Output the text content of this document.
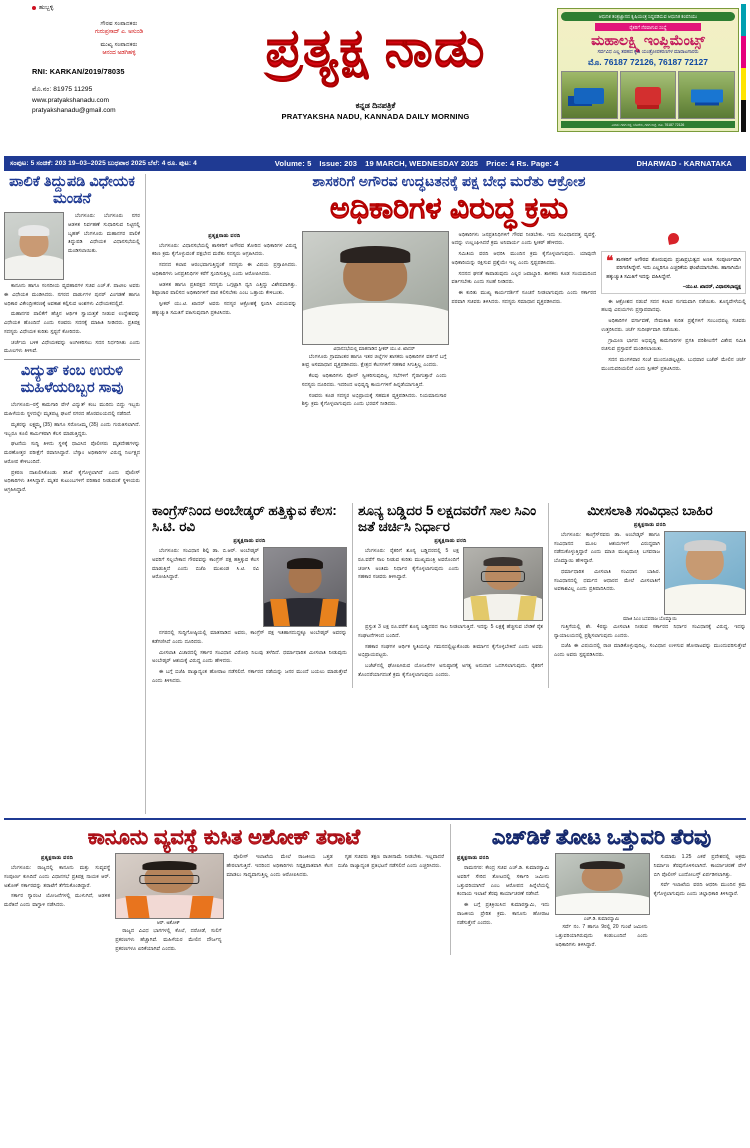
ಹುಬ್ಬಳ್ಳಿ
ಗೌರವ ಸಂಪಾದಕರು
ಗುರುಪ್ರಸಾದ್ ಎ. ಅಸುಂಡಿ
ಮುಖ್ಯ ಸಂಪಾದಕರು
ಆನಂದ ಅಡಗಿಹಳ್ಳಿ
RNI: KARKAN/2019/78035
ಮೊ.ನಂ: 81975 11295
www.pratyakshanadu.com
pratyakshanadu@gmail.com
ಪ್ರತ್ಯಕ್ಷ ನಾಡು
ಕನ್ನಡ ದಿನಪತ್ರಿಕೆ
PRATYAKSHA NADU, KANNADA DAILY MORNING
ಆಧುನಿಕ ತಂತ್ರಜ್ಞಾನದ ಕೃಷಿಯಂತ್ರ ಸಿದ್ಧಪಡಿಸುವ ಆಧುನಿಕ ಕಂಪನಿಯು
ರೈತರಿಗೆ ನೆರವಾಗುವ ಸಂಸ್ಥೆ
ಮಹಾಲಕ್ಷ್ಮಿ ಇಂಪ್ಲಿಮೆಂಟ್ಸ್
ಸರ್ವವಿಧ ಎಲ್ಲ ತರಹದ ಕೃಷಿ ಯಂತ್ರೋಪಕರಣಗಳ ಮಾರಾಟಗಾರರು
ಮೊ. 76187 72126, 76187 72127
ವಿಳಾಸ: ಗದಗ ರಸ್ತೆ, ಬೆಟಗೇರಿ, ಗದಗ ಜಿಲ್ಲೆ. ದೂ. 76187 72126
ಸಂಪುಟ: 5 ಸಂಚಿಕೆ: 203 19–03–2025 ಬುಧವಾರ 2025 ಬೆಲೆ: 4 ರೂ. ಪುಟ: 4	Volume: 5 Issue: 203 19 MARCH, WEDNESDAY 2025 Price: 4 Rs. Page: 4	DHARWAD - KARNATAKA
ಪಾಲಿಕೆ ತಿದ್ದುಪಡಿ ವಿಧೇಯಕ ಮಂಡನೆ

ಬೆಂಗಳೂರು: ಬೆಂಗಳೂರು ನಗರ ಆಡಳಿತ ನಿರ್ವಹಣೆ ಸುಧಾರಿಸುವ ನಿಟ್ಟಿನಲ್ಲಿ ಬೃಹತ್ ಬೆಂಗಳೂರು ಮಹಾನಗರ ಪಾಲಿಕೆ ತಿದ್ದುಪಡಿ ವಿಧೇಯಕ ವಿಧಾನಸಭೆಯಲ್ಲಿ ಮಂಡಿಸಲಾಯಿತು.

ಕಾನೂನು ಹಾಗೂ ಸಂಸದೀಯ ವ್ಯವಹಾರಗಳ ಸಚಿವ ಎಚ್.ಕೆ. ಪಾಟೀಲ ಅವರು ಈ ವಿಧೇಯಕ ಮಂಡಿಸಿದರು. ನಗರದ ವಾರ್ಡುಗಳ ಪುನರ್ ವಿಂಗಡಣೆ ಹಾಗೂ ಅಧಿಕಾರ ವಿಕೇಂದ್ರೀಕರಣಕ್ಕೆ ಅವಕಾಶ ಕಲ್ಪಿಸುವ ಅಂಶಗಳು ವಿಧೇಯಕದಲ್ಲಿವೆ.

ಮಹಾನಗರ ಪಾಲಿಕೆಗೆ ಹೆಚ್ಚಿನ ಆರ್ಥಿಕ ಸ್ವಾಯತ್ತತೆ ನೀಡುವ ಉದ್ದೇಶವನ್ನು ವಿಧೇಯಕ ಹೊಂದಿದೆ ಎಂದು ಸಚಿವರು ಸದನಕ್ಕೆ ಮಾಹಿತಿ ನೀಡಿದರು. ಪ್ರತಿಪಕ್ಷ ಸದಸ್ಯರು ವಿಧೇಯಕ ಕುರಿತು ಸ್ಪಷ್ಟನೆ ಕೋರಿದರು.

ಚರ್ಚೆಯ ಬಳಿಕ ವಿಧೇಯಕವನ್ನು ಅಂಗೀಕರಿಸಲು ಸದನ ನಿರ್ಧರಿಸಿತು ಎಂದು ಮೂಲಗಳು ತಿಳಿಸಿವೆ.

ವಿದ್ಯುತ್ ಕಂಬ ಉರುಳಿ ಮಹಿಳೆಯರಿಬ್ಬರ ಸಾವು

ಬೆಂಗಳೂರು–ರಸ್ತೆ ಕಾಮಗಾರಿ ವೇಳೆ ವಿದ್ಯುತ್ ಕಂಬ ಮುರಿದು ಬಿದ್ದು ಇಬ್ಬರು ಮಹಿಳೆಯರು ಸ್ಥಳದಲ್ಲೇ ಮೃತಪಟ್ಟ ಘಟನೆ ನಗರದ ಹೊರವಲಯದಲ್ಲಿ ನಡೆದಿದೆ.

ಮೃತರನ್ನು ಲಕ್ಷ್ಮಮ್ಮ (35) ಹಾಗೂ ಸರೋಜಮ್ಮ (35) ಎಂದು ಗುರುತಿಸಲಾಗಿದೆ. ಇಬ್ಬರೂ ಕೂಲಿ ಕಾರ್ಮಿಕರಾಗಿ ಕೆಲಸ ಮಾಡುತ್ತಿದ್ದರು.

ಘಟನೆಯ ಸುದ್ದಿ ತಿಳಿದು ಸ್ಥಳಕ್ಕೆ ಧಾವಿಸಿದ ಪೊಲೀಸರು ಮೃತದೇಹಗಳನ್ನು ಮರಣೋತ್ತರ ಪರೀಕ್ಷೆಗೆ ರವಾನಿಸಿದ್ದಾರೆ. ಬೆಸ್ಕಾಂ ಅಧಿಕಾರಿಗಳ ವಿರುದ್ಧ ನಿರ್ಲಕ್ಷ್ಯದ ಆರೋಪ ಕೇಳಿಬಂದಿದೆ.

ಪ್ರಕರಣ ದಾಖಲಿಸಿಕೊಂಡು ತನಿಖೆ ಕೈಗೊಳ್ಳಲಾಗಿದೆ ಎಂದು ಪೊಲೀಸ್ ಅಧಿಕಾರಿಗಳು ತಿಳಿಸಿದ್ದಾರೆ. ಮೃತರ ಕುಟುಂಬಗಳಿಗೆ ಪರಿಹಾರ ನೀಡುವಂತೆ ಸ್ಥಳೀಯರು ಆಗ್ರಹಿಸಿದ್ದಾರೆ.

ಶಾಸಕರಿಗೆ ಅಗೌರವ ಉದ್ಧಟತನಕ್ಕೆ ಪಕ್ಷ ಬೇಧ ಮರೆತು ಆಕ್ರೋಶ
ಅಧಿಕಾರಿಗಳ ವಿರುದ್ಧ ಕ್ರಮ
ಪ್ರತ್ಯಕ್ಷನಾಡು ವರದಿ

ಬೆಂಗಳೂರು: ವಿಧಾನಸಭೆಯಲ್ಲಿ ಶಾಸಕರಿಗೆ ಅಗೌರವ ತೋರಿದ ಅಧಿಕಾರಿಗಳ ವಿರುದ್ಧ ಕಠಿಣ ಕ್ರಮ ಕೈಗೊಳ್ಳುವಂತೆ ಪಕ್ಷಭೇದ ಮರೆತು ಸದಸ್ಯರು ಆಗ್ರಹಿಸಿದರು.

ಸದನದ ಕಲಾಪ ಆರಂಭವಾಗುತ್ತಿದ್ದಂತೆ ಸದಸ್ಯರು ಈ ವಿಷಯ ಪ್ರಸ್ತಾಪಿಸಿದರು. ಅಧಿಕಾರಿಗಳು ಜನಪ್ರತಿನಿಧಿಗಳ ಕರೆಗೆ ಸ್ಪಂದಿಸುತ್ತಿಲ್ಲ ಎಂದು ಆರೋಪಿಸಿದರು.

ಆಡಳಿತ ಹಾಗೂ ಪ್ರತಿಪಕ್ಷದ ಸದಸ್ಯರು ಒಗ್ಗಟ್ಟಾಗಿ ಧ್ವನಿ ಎತ್ತಿದ್ದು ವಿಶೇಷವಾಗಿತ್ತು. ಶಿಷ್ಟಾಚಾರ ಪಾಲಿಸದ ಅಧಿಕಾರಿಗಳಿಗೆ ಪಾಠ ಕಲಿಸಬೇಕು ಎಂಬ ಒತ್ತಾಯ ಕೇಳಿಬಂತು.

ಸ್ಪೀಕರ್ ಯು.ಟಿ. ಖಾದರ್ ಅವರು ಸದಸ್ಯರ ಆಕ್ರೋಶಕ್ಕೆ ಸ್ಪಂದಿಸಿ ವಿಷಯವನ್ನು ಹಕ್ಕುಚ್ಯುತಿ ಸಮಿತಿಗೆ ವಹಿಸುವುದಾಗಿ ಪ್ರಕಟಿಸಿದರು.

ವಿಧಾನಸಭೆಯಲ್ಲಿ ಮಾತನಾಡಿದ ಸ್ಪೀಕರ್ ಯು.ಟಿ. ಖಾದರ್

ಬೆಂಗಳೂರು ಗ್ರಾಮಾಂತರ ಹಾಗೂ ಇತರ ಜಿಲ್ಲೆಗಳ ಶಾಸಕರು ಅಧಿಕಾರಿಗಳ ವರ್ತನೆ ಬಗ್ಗೆ ತೀವ್ರ ಅಸಮಾಧಾನ ವ್ಯಕ್ತಪಡಿಸಿದರು. ಕ್ಷೇತ್ರದ ಕೆಲಸಗಳಿಗೆ ಸಹಕಾರ ಸಿಗುತ್ತಿಲ್ಲ ಎಂದರು.

ಕೆಲವು ಅಧಿಕಾರಿಗಳು ಫೋನ್ ಸ್ವೀಕರಿಸುವುದಿಲ್ಲ, ಸಭೆಗಳಿಗೆ ಗೈರಾಗುತ್ತಾರೆ ಎಂದು ಸದಸ್ಯರು ದೂರಿದರು. ಇದರಿಂದ ಅಭಿವೃದ್ಧಿ ಕಾರ್ಯಗಳಿಗೆ ಹಿನ್ನಡೆಯಾಗುತ್ತಿದೆ.

ಸಚಿವರು ಕೂಡ ಸದಸ್ಯರ ಅಭಿಪ್ರಾಯಕ್ಕೆ ಸಹಮತ ವ್ಯಕ್ತಪಡಿಸಿದರು. ನಿಯಮಾನುಸಾರ ಶಿಸ್ತು ಕ್ರಮ ಕೈಗೊಳ್ಳಲಾಗುವುದು ಎಂದು ಭರವಸೆ ನೀಡಿದರು.

ಅಧಿಕಾರಿಗಳು ಜನಪ್ರತಿನಿಧಿಗಳಿಗೆ ಗೌರವ ನೀಡಬೇಕು. ಇದು ಸಂವಿಧಾನದತ್ತ ವ್ಯವಸ್ಥೆ. ಅದನ್ನು ಉಲ್ಲಂಘಿಸಿದರೆ ಕ್ರಮ ಅನಿವಾರ್ಯ ಎಂದು ಸ್ಪೀಕರ್ ಹೇಳಿದರು.

ಸಮಿತಿಯ ವರದಿ ಆಧರಿಸಿ ಮುಂದಿನ ಕ್ರಮ ಕೈಗೊಳ್ಳಲಾಗುವುದು. ಯಾವುದೇ ಅಧಿಕಾರಿಯನ್ನು ರಕ್ಷಿಸುವ ಪ್ರಶ್ನೆಯೇ ಇಲ್ಲ ಎಂದು ಸ್ಪಷ್ಟಪಡಿಸಿದರು.

ಸದನದ ಘನತೆ ಕಾಪಾಡುವುದು ಎಲ್ಲರ ಜವಾಬ್ದಾರಿ. ಶಾಸಕರು ಕೂಡ ಸಂಯಮದಿಂದ ವರ್ತಿಸಬೇಕು ಎಂದು ಸಲಹೆ ನೀಡಿದರು.

ಈ ಕುರಿತು ಮುಖ್ಯ ಕಾರ್ಯದರ್ಶಿಗೆ ಸೂಚನೆ ನೀಡಲಾಗುವುದು ಎಂದು ಸರ್ಕಾರದ ಪರವಾಗಿ ಸಚಿವರು ತಿಳಿಸಿದರು. ಸದಸ್ಯರು ಸಮಾಧಾನ ವ್ಯಕ್ತಪಡಿಸಿದರು.

❝ ಶಾಸಕರಿಗೆ ಅಗೌರವ ತೋರುವುದು ಪ್ರಜಾಪ್ರಭುತ್ವದ ಅಣಕ. ಸಂಪೂರ್ಣವಾಗಿ ಪರಿಗಣಿಸಿದ್ದೇನೆ. ಇದು ಎಲ್ಲರಿಗೂ ಎಚ್ಚರಿಕೆಯ ಘಂಟೆಯಾಗಬೇಕು. ಹಾಗಾಗಿಯೇ ಹಕ್ಕುಚ್ಯುತಿ ಸಮಿತಿಗೆ ಇದನ್ನು ವಹಿಸಿದ್ದೇನೆ.
–ಯು.ಟಿ. ಖಾದರ್, ವಿಧಾನಸಭಾಧ್ಯಕ್ಷ

ಈ ಆಕ್ರೋಶದ ನಡುವೆ ಸದನ ಕಲಾಪ ಸುಗಮವಾಗಿ ನಡೆಯಿತು. ಶೂನ್ಯವೇಳೆಯಲ್ಲಿ ಹಲವು ವಿಷಯಗಳು ಪ್ರಸ್ತಾಪವಾದವು.

ಅಧಿಕಾರಿಗಳ ವರ್ಗಾವಣೆ, ನೇಮಕಾತಿ ಕುರಿತ ಪ್ರಶ್ನೆಗಳಿಗೆ ಸಂಬಂಧಪಟ್ಟ ಸಚಿವರು ಉತ್ತರಿಸಿದರು. ಚರ್ಚೆ ಸುದೀರ್ಘವಾಗಿ ನಡೆಯಿತು.

ಗ್ರಾಮೀಣ ಭಾಗದ ಅಭಿವೃದ್ಧಿ ಕಾಮಗಾರಿಗಳ ಪ್ರಗತಿ ಪರಿಶೀಲನೆಗೆ ವಿಶೇಷ ಸಮಿತಿ ರಚಿಸುವ ಪ್ರಸ್ತಾವನೆ ಮಂಡಿಸಲಾಯಿತು.

ಸದನ ಮಂಗಳವಾರ ಸಂಜೆ ಮುಂದೂಡಲ್ಪಟ್ಟಿತು. ಬುಧವಾರ ಬಜೆಟ್ ಮೇಲಿನ ಚರ್ಚೆ ಮುಂದುವರಿಯಲಿದೆ ಎಂದು ಸ್ಪೀಕರ್ ಪ್ರಕಟಿಸಿದರು.

ಕಾಂಗ್ರೆಸ್‌ನಿಂದ ಅಂಬೇಡ್ಕರ್ ಹತ್ತಿಕ್ಕುವ ಕೆಲಸ: ಸಿ.ಟಿ. ರವಿ
ಪ್ರತ್ಯಕ್ಷನಾಡು ವರದಿ

ಬೆಂಗಳೂರು: ಸಂವಿಧಾನ ಶಿಲ್ಪಿ ಡಾ. ಬಿ.ಆರ್. ಅಂಬೇಡ್ಕರ್ ಅವರಿಗೆ ಸಲ್ಲಬೇಕಾದ ಗೌರವವನ್ನು ಕಾಂಗ್ರೆಸ್ ಪಕ್ಷ ಹತ್ತಿಕ್ಕುವ ಕೆಲಸ ಮಾಡುತ್ತಿದೆ ಎಂದು ಬಿಜೆಪಿ ಮುಖಂಡ ಸಿ.ಟಿ. ರವಿ ಆರೋಪಿಸಿದ್ದಾರೆ.

ನಗರದಲ್ಲಿ ಸುದ್ದಿಗೋಷ್ಠಿಯಲ್ಲಿ ಮಾತನಾಡಿದ ಅವರು, ಕಾಂಗ್ರೆಸ್ ಪಕ್ಷ ಇತಿಹಾಸದುದ್ದಕ್ಕೂ ಅಂಬೇಡ್ಕರ್ ಅವರನ್ನು ಕಡೆಗಣಿಸಿದೆ ಎಂದು ದೂರಿದರು.

ಮೀಸಲಾತಿ ವಿಚಾರದಲ್ಲಿ ಸರ್ಕಾರ ಸಂವಿಧಾನ ವಿರೋಧಿ ನಿಲುವು ತಳೆದಿದೆ. ಧರ್ಮಾಧಾರಿತ ಮೀಸಲಾತಿ ನೀಡುವುದು ಅಂಬೇಡ್ಕರ್ ಆಶಯಕ್ಕೆ ವಿರುದ್ಧ ಎಂದು ಹೇಳಿದರು.

ಈ ಬಗ್ಗೆ ಬಿಜೆಪಿ ರಾಜ್ಯಾದ್ಯಂತ ಹೋರಾಟ ನಡೆಸಲಿದೆ. ಸರ್ಕಾರದ ನಡೆಯನ್ನು ಜನರ ಮುಂದೆ ಬಯಲು ಮಾಡುತ್ತೇವೆ ಎಂದು ತಿಳಿಸಿದರು.

ಶೂನ್ಯ ಬಡ್ಡಿದರ 5 ಲಕ್ಷದವರೆಗೆ ಸಾಲ ಸಿಎಂ ಜತೆ ಚರ್ಚಿಸಿ ನಿರ್ಧಾರ
ಪ್ರತ್ಯಕ್ಷನಾಡು ವರದಿ

ಬೆಂಗಳೂರು: ರೈತರಿಗೆ ಶೂನ್ಯ ಬಡ್ಡಿದರದಲ್ಲಿ 5 ಲಕ್ಷ ರೂ.ವರೆಗೆ ಸಾಲ ನೀಡುವ ಕುರಿತು ಮುಖ್ಯಮಂತ್ರಿ ಅವರೊಂದಿಗೆ ಚರ್ಚಿಸಿ ಅಂತಿಮ ನಿರ್ಧಾರ ಕೈಗೊಳ್ಳಲಾಗುವುದು ಎಂದು ಸಹಕಾರ ಸಚಿವರು ತಿಳಿಸಿದ್ದಾರೆ.

ಪ್ರಸ್ತುತ 3 ಲಕ್ಷ ರೂ.ವರೆಗೆ ಶೂನ್ಯ ಬಡ್ಡಿದರದ ಸಾಲ ನೀಡಲಾಗುತ್ತಿದೆ. ಇದನ್ನು 5 ಲಕ್ಷಕ್ಕೆ ಹೆಚ್ಚಿಸುವ ಬೇಡಿಕೆ ರೈತ ಸಂಘಟನೆಗಳಿಂದ ಬಂದಿದೆ.

ಸಹಕಾರ ಸಂಘಗಳ ಆರ್ಥಿಕ ಸ್ಥಿತಿಯನ್ನೂ ಗಮನದಲ್ಲಿಟ್ಟುಕೊಂಡು ತೀರ್ಮಾನ ಕೈಗೊಳ್ಳಬೇಕಿದೆ ಎಂದು ಅವರು ಅಭಿಪ್ರಾಯಪಟ್ಟರು.

ಬಜೆಟ್‌ನಲ್ಲಿ ಘೋಷಿಸಿರುವ ಯೋಜನೆಗಳ ಅನುಷ್ಠಾನಕ್ಕೆ ಅಗತ್ಯ ಅನುದಾನ ಒದಗಿಸಲಾಗುವುದು. ರೈತರಿಗೆ ತೊಂದರೆಯಾಗದಂತೆ ಕ್ರಮ ಕೈಗೊಳ್ಳಲಾಗುವುದು ಎಂದರು.

ಮೀಸಲಾತಿ ಸಂವಿಧಾನ ಬಾಹಿರ
ಪ್ರತ್ಯಕ್ಷನಾಡು ವರದಿ

ಬೆಂಗಳೂರು: ಕಾಂಗ್ರೆಸ್‌ನವರು ಡಾ. ಅಂಬೇಡ್ಕರ್ ಹಾಗೂ ಸಂವಿಧಾನದ ಮೂಲ ಆಶಯಗಳಿಗೆ ವಿರುದ್ಧವಾಗಿ ನಡೆದುಕೊಳ್ಳುತ್ತಿದ್ದಾರೆ ಎಂದು ಮಾಜಿ ಮುಖ್ಯಮಂತ್ರಿ ಬಸವರಾಜ ಬೊಮ್ಮಾಯಿ ಹೇಳಿದ್ದಾರೆ.

ಧರ್ಮಾಧಾರಿತ ಮೀಸಲಾತಿ ಸಂವಿಧಾನ ಬಾಹಿರ. ಸಂವಿಧಾನದಲ್ಲಿ ಧರ್ಮದ ಆಧಾರದ ಮೇಲೆ ಮೀಸಲಾತಿಗೆ ಅವಕಾಶವಿಲ್ಲ ಎಂದು ಪ್ರತಿಪಾದಿಸಿದರು.

ಮಾಜಿ ಸಿಎಂ ಬಸವರಾಜ ಬೊಮ್ಮಾಯಿ

ಗುತ್ತಿಗೆಯಲ್ಲಿ ಶೇ. 4ರಷ್ಟು ಮೀಸಲಾತಿ ನೀಡುವ ಸರ್ಕಾರದ ನಿರ್ಧಾರ ಸಂವಿಧಾನಕ್ಕೆ ವಿರುದ್ಧ. ಇದನ್ನು ನ್ಯಾಯಾಲಯದಲ್ಲಿ ಪ್ರಶ್ನಿಸಲಾಗುವುದು ಎಂದರು.

ಬಿಜೆಪಿ ಈ ವಿಷಯದಲ್ಲಿ ರಾಜಿ ಮಾಡಿಕೊಳ್ಳುವುದಿಲ್ಲ. ಸಂವಿಧಾನ ಉಳಿಸುವ ಹೋರಾಟವನ್ನು ಮುಂದುವರಿಸುತ್ತೇವೆ ಎಂದು ಅವರು ಸ್ಪಷ್ಟಪಡಿಸಿದರು.

ಕಾನೂನು ವ್ಯವಸ್ಥೆ ಕುಸಿತ ಅಶೋಕ್ ತರಾಟೆ
ಪ್ರತ್ಯಕ್ಷನಾಡು ವರದಿ

ಬೆಂಗಳೂರು: ರಾಜ್ಯದಲ್ಲಿ ಕಾನೂನು ಮತ್ತು ಸುವ್ಯವಸ್ಥೆ ಸಂಪೂರ್ಣ ಕುಸಿದಿದೆ ಎಂದು ವಿಧಾನಸಭೆ ಪ್ರತಿಪಕ್ಷ ನಾಯಕ ಆರ್. ಅಶೋಕ್ ಸರ್ಕಾರವನ್ನು ತರಾಟೆಗೆ ತೆಗೆದುಕೊಂಡಿದ್ದಾರೆ.

ಸರ್ಕಾರ ಗ್ಯಾರಂಟಿ ಯೋಜನೆಗಳಲ್ಲಿ ಮುಳುಗಿದೆ, ಆಡಳಿತ ಮರೆತಿದೆ ಎಂದು ವಾಗ್ದಾಳಿ ನಡೆಸಿದರು.

ಆರ್. ಅಶೋಕ್

ರಾಜ್ಯದ ವಿವಿಧ ಭಾಗಗಳಲ್ಲಿ ಕೊಲೆ, ದರೋಡೆ, ಸುಲಿಗೆ ಪ್ರಕರಣಗಳು ಹೆಚ್ಚಾಗಿವೆ. ಮಹಿಳೆಯರ ಮೇಲಿನ ದೌರ್ಜನ್ಯ ಪ್ರಕರಣಗಳೂ ಏರಿಕೆಯಾಗಿವೆ ಎಂದರು.

ಪೊಲೀಸ್ ಇಲಾಖೆಯ ಮೇಲೆ ರಾಜಕೀಯ ಒತ್ತಡ ಹೇರಲಾಗುತ್ತಿದೆ. ಇದರಿಂದ ಅಧಿಕಾರಿಗಳು ನಿಷ್ಪಕ್ಷಪಾತವಾಗಿ ಕೆಲಸ ಮಾಡಲು ಸಾಧ್ಯವಾಗುತ್ತಿಲ್ಲ ಎಂದು ಆರೋಪಿಸಿದರು.

ಗೃಹ ಸಚಿವರು ತಕ್ಷಣ ರಾಜೀನಾಮೆ ನೀಡಬೇಕು. ಇಲ್ಲವಾದರೆ ಬಿಜೆಪಿ ರಾಜ್ಯಾದ್ಯಂತ ಪ್ರತಿಭಟನೆ ನಡೆಸಲಿದೆ ಎಂದು ಎಚ್ಚರಿಸಿದರು.

ಎಚ್‌ಡಿಕೆ ತೋಟ ಒತ್ತುವರಿ ತೆರವು
ಪ್ರತ್ಯಕ್ಷನಾಡು ವರದಿ

ರಾಮನಗರ: ಕೇಂದ್ರ ಸಚಿವ ಎಚ್.ಡಿ. ಕುಮಾರಸ್ವಾಮಿ ಅವರಿಗೆ ಸೇರಿದ ತೋಟದಲ್ಲಿ ಸರ್ಕಾರಿ ಜಮೀನು ಒತ್ತುವರಿಯಾಗಿದೆ ಎಂಬ ಆರೋಪದ ಹಿನ್ನೆಲೆಯಲ್ಲಿ ಕಂದಾಯ ಇಲಾಖೆ ತೆರವು ಕಾರ್ಯಾಚರಣೆ ನಡೆಸಿದೆ.

ಈ ಬಗ್ಗೆ ಪ್ರತಿಕ್ರಿಯಿಸಿದ ಕುಮಾರಸ್ವಾಮಿ, ಇದು ರಾಜಕೀಯ ಪ್ರೇರಿತ ಕ್ರಮ. ಕಾನೂನು ಹೋರಾಟ ನಡೆಸುತ್ತೇನೆ ಎಂದರು.

ಎಚ್.ಡಿ. ಕುಮಾರಸ್ವಾಮಿ

ಸರ್ವೆ ನಂ. 7 ಹಾಗೂ 9ರಲ್ಲಿ 20 ಗುಂಟೆ ಜಮೀನು ಒತ್ತುವರಿಯಾಗಿರುವುದು ಕಂಡುಬಂದಿದೆ ಎಂದು ಅಧಿಕಾರಿಗಳು ತಿಳಿಸಿದ್ದಾರೆ.

ಸುಮಾರು 1.25 ಎಕರೆ ಪ್ರದೇಶದಲ್ಲಿ ಅಕ್ರಮ ನಿರ್ಮಾಣ ತೆರವುಗೊಳಿಸಲಾಗಿದೆ. ಕಾರ್ಯಾಚರಣೆ ವೇಳೆ ಬಿಗಿ ಪೊಲೀಸ್ ಬಂದೋಬಸ್ತ್ ಏರ್ಪಡಿಸಲಾಗಿತ್ತು.

ಸರ್ವೆ ಇಲಾಖೆಯ ವರದಿ ಆಧರಿಸಿ ಮುಂದಿನ ಕ್ರಮ ಕೈಗೊಳ್ಳಲಾಗುವುದು ಎಂದು ಜಿಲ್ಲಾಧಿಕಾರಿ ತಿಳಿಸಿದ್ದಾರೆ.
